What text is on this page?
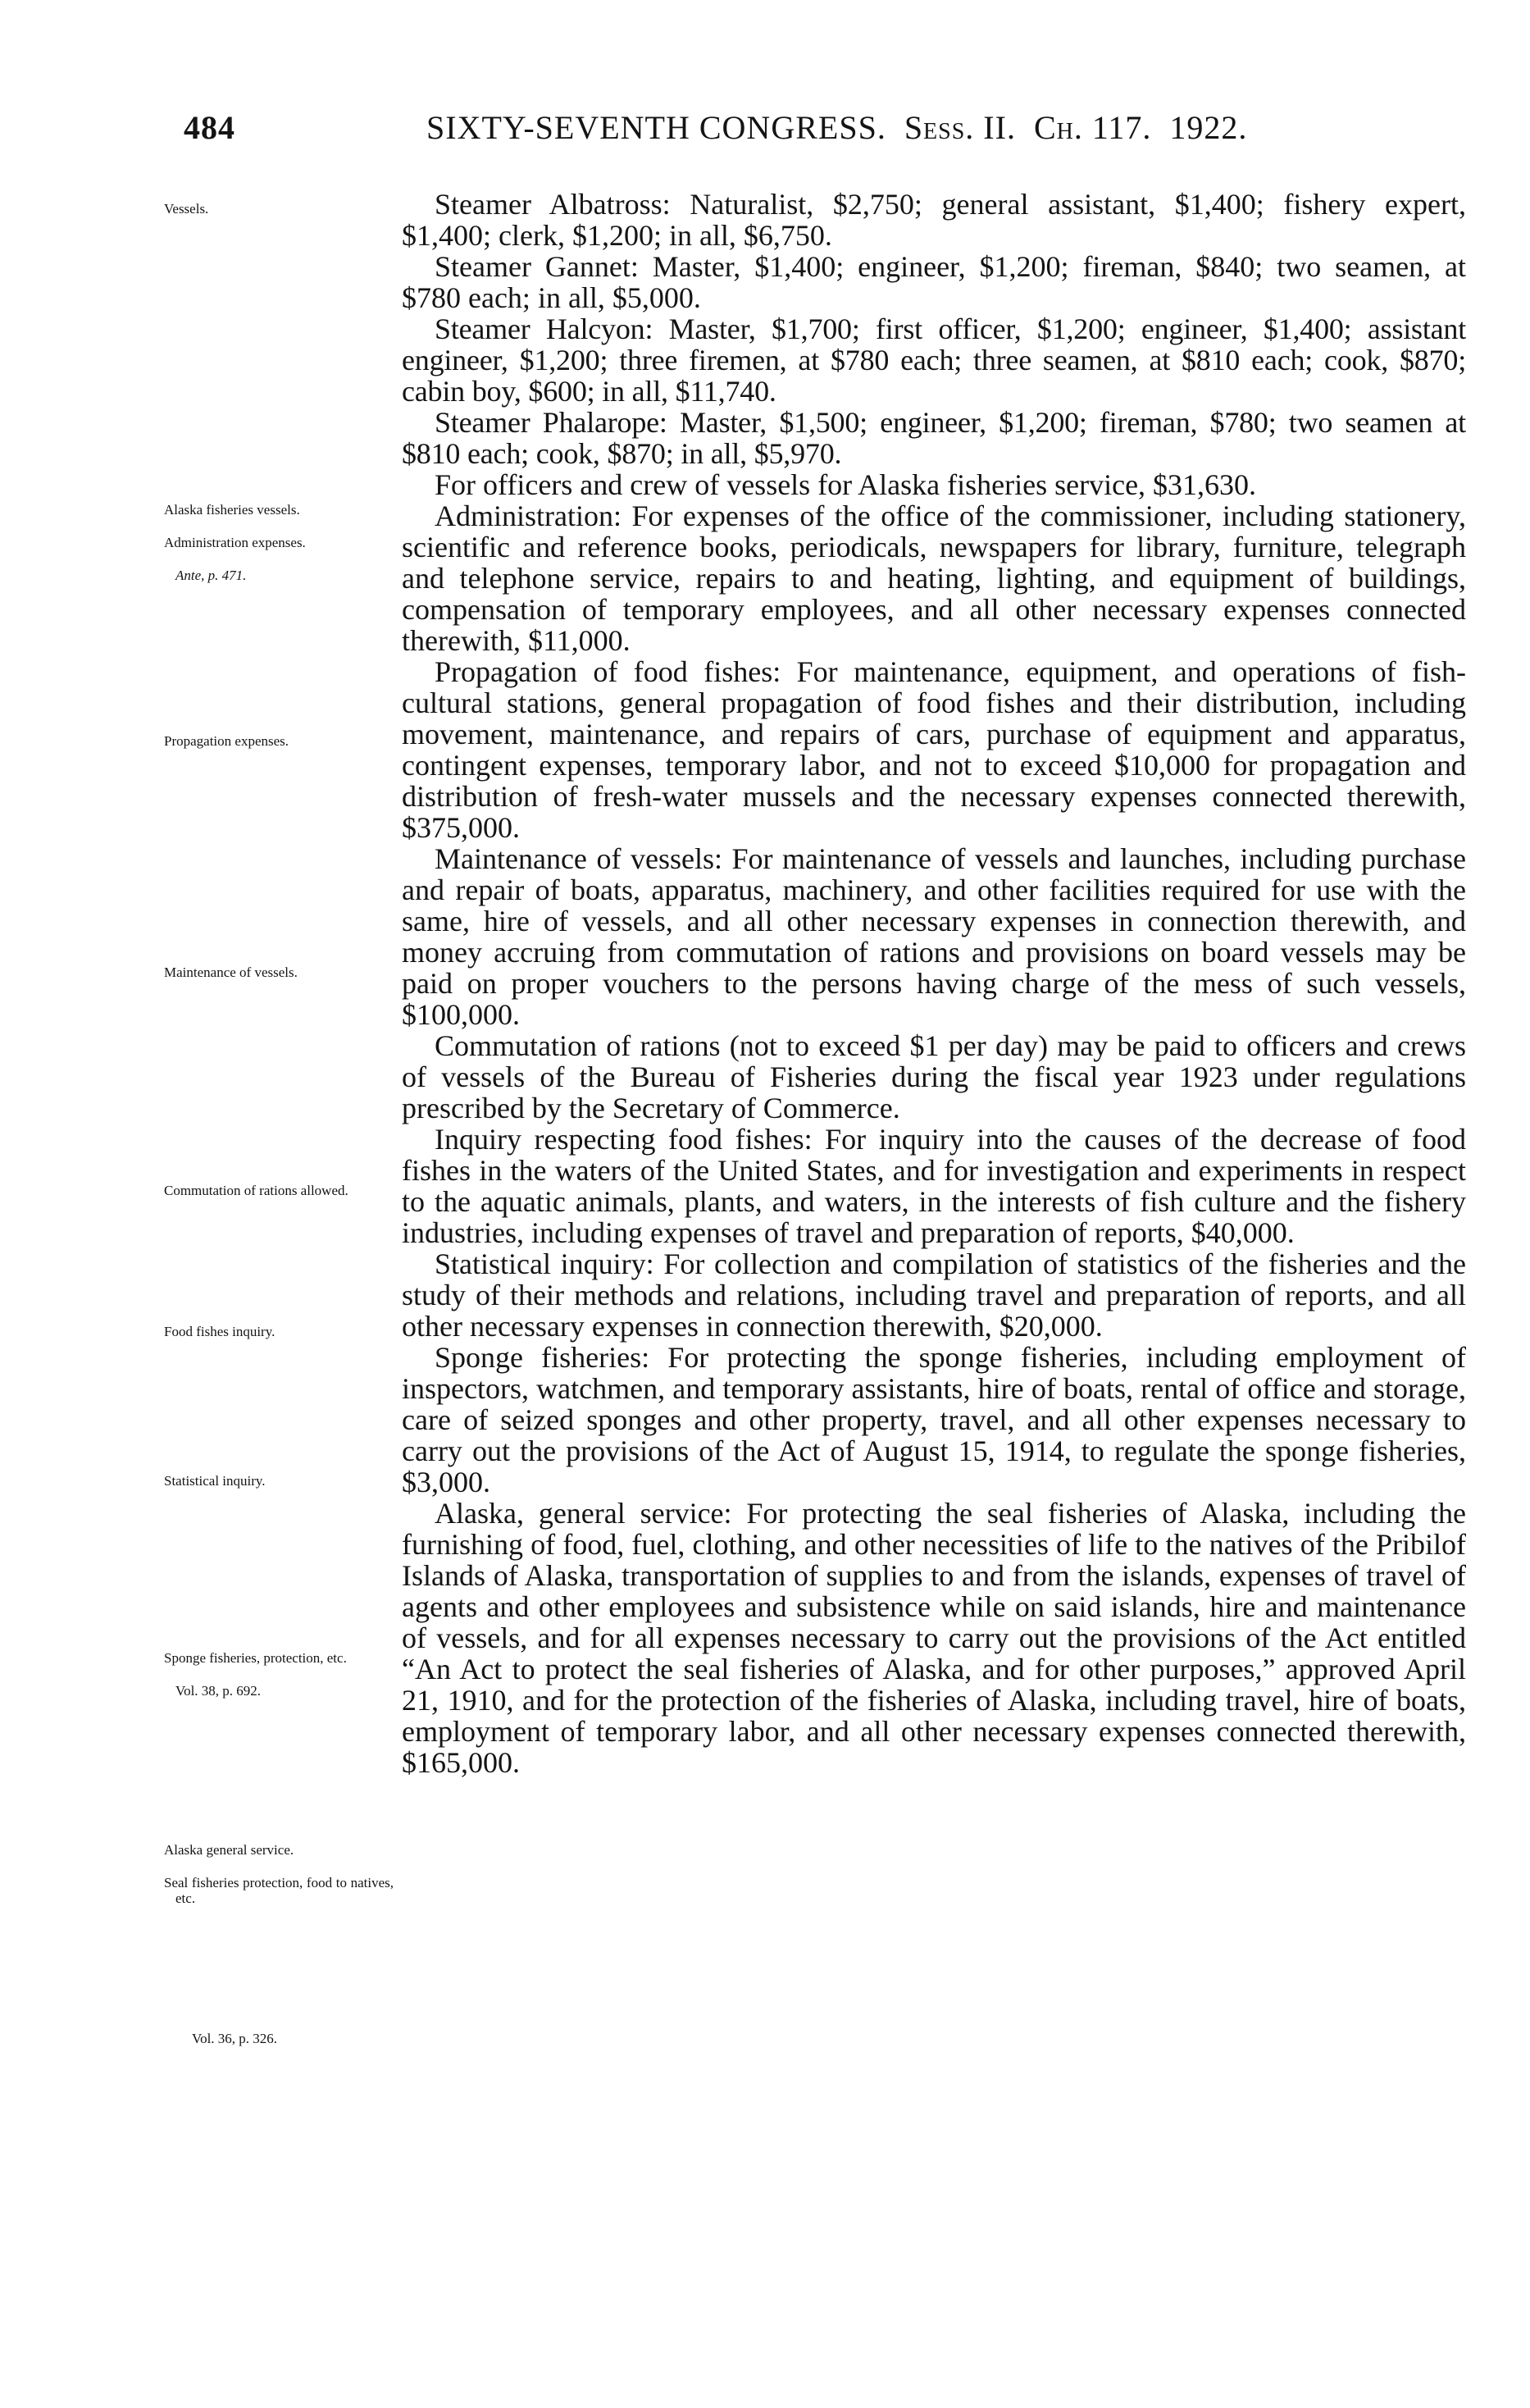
484	SIXTY-SEVENTH CONGRESS. Sess. II. Ch. 117. 1922.
Vessels.
Alaska fisheries vessels.
Administration expenses.
Ante, p. 471.
Propagation expenses.
Maintenance of vessels.
Commutation of rations allowed.
Food fishes inquiry.
Statistical inquiry.
Sponge fisheries, protection, etc.
Vol. 38, p. 692.
Alaska general service.
Seal fisheries protection, food to natives, etc.
Vol. 36, p. 326.

Steamer Albatross: Naturalist, $2,750; general assistant, $1,400; fishery expert, $1,400; clerk, $1,200; in all, $6,750.

Steamer Gannet: Master, $1,400; engineer, $1,200; fireman, $840; two seamen, at $780 each; in all, $5,000.

Steamer Halcyon: Master, $1,700; first officer, $1,200; engineer, $1,400; assistant engineer, $1,200; three firemen, at $780 each; three seamen, at $810 each; cook, $870; cabin boy, $600; in all, $11,740.

Steamer Phalarope: Master, $1,500; engineer, $1,200; fireman, $780; two seamen at $810 each; cook, $870; in all, $5,970.

For officers and crew of vessels for Alaska fisheries service, $31,630.

Administration: For expenses of the office of the commissioner, including stationery, scientific and reference books, periodicals, newspapers for library, furniture, telegraph and telephone service, repairs to and heating, lighting, and equipment of buildings, compensation of temporary employees, and all other necessary expenses connected therewith, $11,000.

Propagation of food fishes: For maintenance, equipment, and operations of fish-cultural stations, general propagation of food fishes and their distribution, including movement, maintenance, and repairs of cars, purchase of equipment and apparatus, contingent expenses, temporary labor, and not to exceed $10,000 for propagation and distribution of fresh-water mussels and the necessary expenses connected therewith, $375,000.

Maintenance of vessels: For maintenance of vessels and launches, including purchase and repair of boats, apparatus, machinery, and other facilities required for use with the same, hire of vessels, and all other necessary expenses in connection therewith, and money accruing from commutation of rations and provisions on board vessels may be paid on proper vouchers to the persons having charge of the mess of such vessels, $100,000.

Commutation of rations (not to exceed $1 per day) may be paid to officers and crews of vessels of the Bureau of Fisheries during the fiscal year 1923 under regulations prescribed by the Secretary of Commerce.

Inquiry respecting food fishes: For inquiry into the causes of the decrease of food fishes in the waters of the United States, and for investigation and experiments in respect to the aquatic animals, plants, and waters, in the interests of fish culture and the fishery industries, including expenses of travel and preparation of reports, $40,000.

Statistical inquiry: For collection and compilation of statistics of the fisheries and the study of their methods and relations, including travel and preparation of reports, and all other necessary expenses in connection therewith, $20,000.

Sponge fisheries: For protecting the sponge fisheries, including employment of inspectors, watchmen, and temporary assistants, hire of boats, rental of office and storage, care of seized sponges and other property, travel, and all other expenses necessary to carry out the provisions of the Act of August 15, 1914, to regulate the sponge fisheries, $3,000.

Alaska, general service: For protecting the seal fisheries of Alaska, including the furnishing of food, fuel, clothing, and other necessities of life to the natives of the Pribilof Islands of Alaska, transportation of supplies to and from the islands, expenses of travel of agents and other employees and subsistence while on said islands, hire and maintenance of vessels, and for all expenses necessary to carry out the provisions of the Act entitled “An Act to protect the seal fisheries of Alaska, and for other purposes,” approved April 21, 1910, and for the protection of the fisheries of Alaska, including travel, hire of boats, employment of temporary labor, and all other necessary expenses connected therewith, $165,000.
